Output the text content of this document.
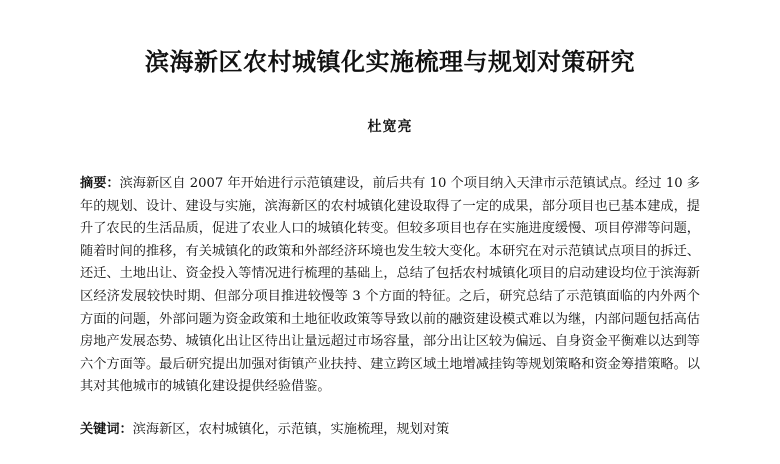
滨海新区农村城镇化实施梳理与规划对策研究
杜宽亮
摘要：滨海新区自 2007 年开始进行示范镇建设，前后共有 10 个项目纳入天津市示范镇试点。经过 10 多年的规划、设计、建设与实施，滨海新区的农村城镇化建设取得了一定的成果，部分项目也已基本建成，提升了农民的生活品质，促进了农业人口的城镇化转变。但较多项目也存在实施进度缓慢、项目停滞等问题，随着时间的推移，有关城镇化的政策和外部经济环境也发生较大变化。本研究在对示范镇试点项目的拆迁、还迁、土地出让、资金投入等情况进行梳理的基础上，总结了包括农村城镇化项目的启动建设均位于滨海新区经济发展较快时期、但部分项目推进较慢等 3 个方面的特征。之后，研究总结了示范镇面临的内外两个方面的问题，外部问题为资金政策和土地征收政策等导致以前的融资建设模式难以为继，内部问题包括高估房地产发展态势、城镇化出让区待出让量远超过市场容量，部分出让区较为偏远、自身资金平衡难以达到等六个方面等。最后研究提出加强对街镇产业扶持、建立跨区域土地增减挂钩等规划策略和资金筹措策略。以其对其他城市的城镇化建设提供经验借鉴。
关键词：滨海新区，农村城镇化，示范镇，实施梳理，规划对策
